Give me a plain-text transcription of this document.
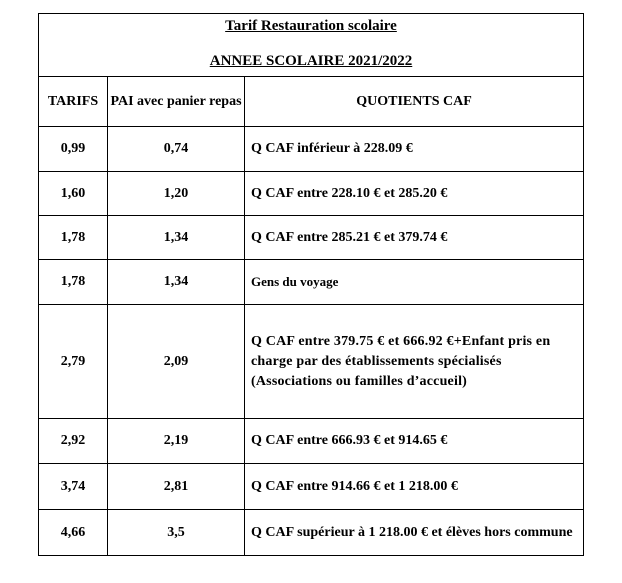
Tarif Restauration scolaire
ANNEE SCOLAIRE 2021/2022		

TARIFS	PAI avec panier repas	QUOTIENTS CAF
0,99	0,74	Q CAF inférieur à 228.09 €
1,60	1,20	Q CAF entre 228.10 € et 285.20 €
1,78	1,34	Q CAF entre 285.21 € et 379.74 €
1,78	1,34	Gens du voyage
2,79	2,09	Q CAF entre 379.75 € et 666.92 €+Enfant pris en charge par des établissements spécialisés (Associations ou familles d’accueil)
2,92	2,19	Q CAF entre 666.93 € et 914.65 €
3,74	2,81	Q CAF entre 914.66 € et 1 218.00 €
4,66	3,5	Q CAF supérieur à 1 218.00 € et élèves hors commune
